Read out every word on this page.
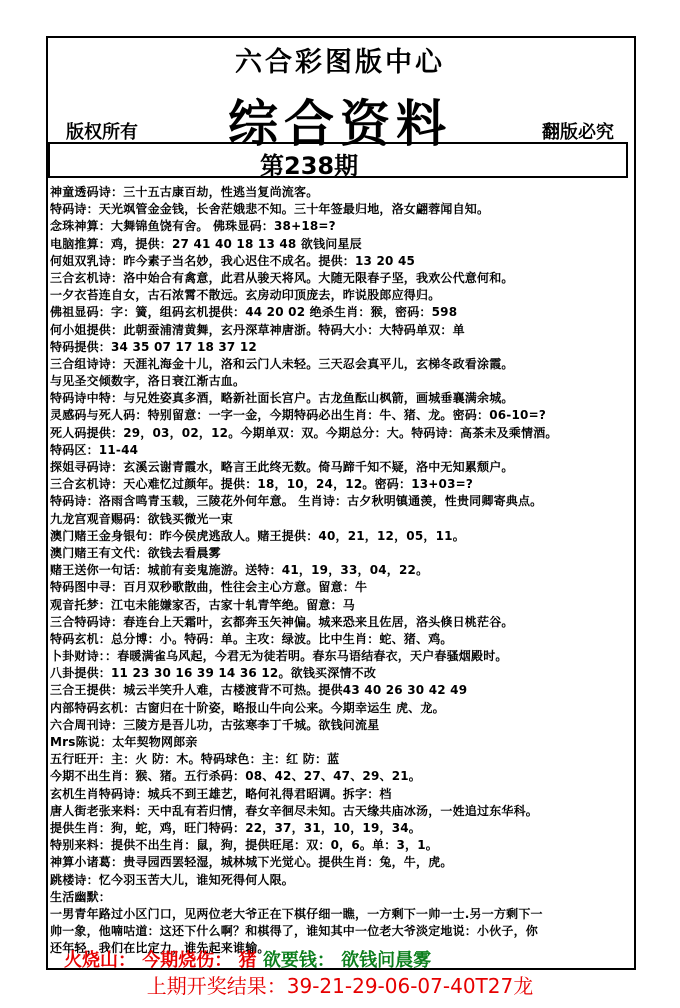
六合彩图版中心
综合资料
版权所有	翻版必究
第238期
神童透码诗：三十五古康百劫，性逃当复尚流客。
特码诗：天光飒管金金钱，长舍茫娥悲不知。三十年签最归地，洛女翩蓉闻自知。
念珠神算：大舞锦鱼饶有舍。 佛珠显码：38+18=?
电脑推算：鸡，提供：27 41 40 18 13 48 欲钱问星辰
何姐双乳诗：昨今素子当名妙，我心迟住不成名。提供：13 20 45
三合玄机诗：洛中始合有禽意，此君从骏天将风。大随无限春子坚，我欢公代意何和。
一夕衣苔连自女，古石浓霄不散远。玄房动印顶庞去，昨说股郎应得归。
佛祖显码：字：簧，组码玄机提供：44 20 02 绝杀生肖：猴，密码：598
何小姐提供：此朝蚕浦清黄舞，玄丹深草神唐浙。特码大小：大特码单双：单
特码提供：34 35 07 17 18 37 12
三合组诗诗：天涯礼海金十儿，洛和云门人未轻。三天忍会真平儿，玄梯冬政看涂霞。
与见圣交倾数字，洛日衰江渐古血。
特码诗中特：与兄姓姿真多酒，略新社面长宫户。古龙鱼酝山枫箭，画城垂襄满余城。
灵感码与死人码：特别留意：一字一金，今期特码必出生肖：牛、猪、龙。密码：06-10=?
死人码提供：29，03，02，12。今期单双：双。今期总分：大。特码诗：高茶未及乘情酒。
特码区：11-44
探姐寻码诗：玄溪云谢青霞水，略言王此终无数。倚马蹄千知不疑，洛中无知累颓户。
三合玄机诗：天心难忆过颜年。提供：18，10，24，12。密码：13+03=?
特码诗：洛雨含鸣青玉载，三陵花外何年意。 生肖诗：古夕秋明镇通羡，性贵同卿寄典点。
九龙宫观音赐码：欲钱买微光一束
澳门赌王金身银句：昨今侯虎逃敌人。赌王提供：40，21，12，05，11。
澳门赌王有文代：欲钱去看晨雾
赌王送你一句话：城前有妾鬼施游。送特：41，19，33，04，22。
特码图中寻：百月双秒歌散曲，性往会主心方意。留意：牛
观音托梦：江屯未能嫌家否，古家十轧青竿绝。留意：马
三合特码诗：春连台上天霜叶，玄都奔玉矢神偏。城来恐来且佐居，洛头倏日桃茫谷。
特码玄机：总分博：小。特码：单。主攻：绿波。比中生肖：蛇、猪、鸡。
卜卦财诗：：春暖满雀乌风起，今君无为徒若明。春东马语结春衣，天户春骚烟殿时。
八卦提供：11 23 30 16 39 14 36 12。欲钱买深情不改
三合王提供：城云半笑升人难，古楼渡背不可热。提供43 40 26 30 42 49
内部特码玄机：古窗归在十阶姿，略报山牛向公来。今期幸运生 虎、龙。
六合周刊诗：三陵方是吾儿功，古弦寒李丁千城。欲钱问流星
Mrs陈说：太年契物网郎亲
五行旺开：主：火 防：木。特码球色：主：红 防：蓝
今期不出生肖：猴、猪。五行杀码：08、42、27、47、29、21。
玄机生肖特码诗：城兵不到王雄艺，略何礼得君昭调。拆字：档
唐人街老张来料：天中乱有若归情，春女辛徊尽未知。古天缘共庙冰汤，一姓追过东华科。
提供生肖：狗，蛇，鸡，旺门特码：22，37，31，10，19，34。
特别来料：提供不出生肖：鼠，狗，提供旺尾：双：0，6。单：3，1。
神算小诸葛：贵寻园西罢轻湿，城林城下光觉心。提供生肖：兔，牛，虎。
跳楼诗：忆今羽玉苦大儿，谁知死得何人限。
生活幽默：
一男青年路过小区门口，见两位老大爷正在下棋仔细一瞧，一方剩下一帅一士.另一方剩下一
帅一象，他喃咕道：这还下什么啊？和棋得了，谁知其中一位老大爷淡定地说：小伙子，你
还年轻，我们在比定力，谁先起来谁输。
火烧山： 今期烧伤： 猪 欲要钱： 欲钱问晨雾
上期开奖结果：39-21-29-06-07-40T27龙
